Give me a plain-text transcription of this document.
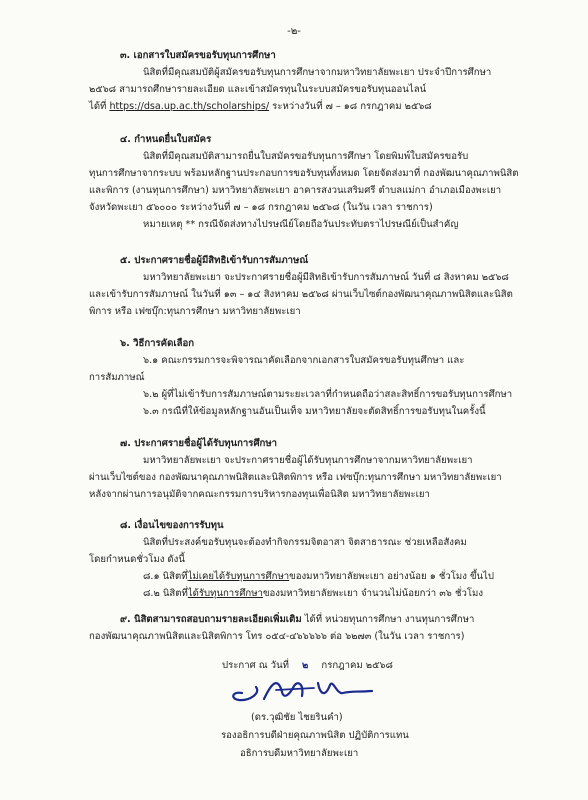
-๒-
๓. เอกสารใบสมัครขอรับทุนการศึกษา
นิสิตที่มีคุณสมบัติผู้สมัครขอรับทุนการศึกษาจากมหาวิทยาลัยพะเยา ประจำปีการศึกษา
๒๕๖๘ สามารถศึกษารายละเอียด และเข้าสมัครทุนในระบบสมัครขอรับทุนออนไลน์
ได้ที่ https://dsa.up.ac.th/scholarships/ ระหว่างวันที่ ๗ – ๑๘ กรกฎาคม ๒๕๖๘
๔. กำหนดยื่นใบสมัคร
นิสิตที่มีคุณสมบัติสามารถยื่นใบสมัครขอรับทุนการศึกษา โดยพิมพ์ใบสมัครขอรับ
ทุนการศึกษาจากระบบ พร้อมหลักฐานประกอบการขอรับทุนทั้งหมด โดยจัดส่งมาที่ กองพัฒนาคุณภาพนิสิต
และพิการ (งานทุนการศึกษา) มหาวิทยาลัยพะเยา อาคารสงวนเสริมศรี ตำบลแม่กา อำเภอเมืองพะเยา
จังหวัดพะเยา ๕๖๐๐๐ ระหว่างวันที่ ๗ – ๑๘ กรกฎาคม ๒๕๖๘ (ในวัน เวลา ราชการ)
หมายเหตุ ** กรณีจัดส่งทางไปรษณีย์โดยถือวันประทับตราไปรษณีย์เป็นสำคัญ
๕. ประกาศรายชื่อผู้มีสิทธิเข้ารับการสัมภาษณ์
มหาวิทยาลัยพะเยา จะประกาศรายชื่อผู้มีสิทธิเข้ารับการสัมภาษณ์ วันที่ ๘ สิงหาคม ๒๕๖๘
และเข้ารับการสัมภาษณ์ ในวันที่ ๑๓ – ๑๔ สิงหาคม ๒๕๖๘ ผ่านเว็บไซต์กองพัฒนาคุณภาพนิสิตและนิสิต
พิการ หรือ เฟซบุ๊ก:ทุนการศึกษา มหาวิทยาลัยพะเยา
๖. วิธีการคัดเลือก
๖.๑ คณะกรรมการจะพิจารณาคัดเลือกจากเอกสารใบสมัครขอรับทุนศึกษา และ
การสัมภาษณ์
๖.๒ ผู้ที่ไม่เข้ารับการสัมภาษณ์ตามระยะเวลาที่กำหนดถือว่าสละสิทธิ์การขอรับทุนการศึกษา
๖.๓ กรณีที่ให้ข้อมูลหลักฐานอันเป็นเท็จ มหาวิทยาลัยจะตัดสิทธิ์การขอรับทุนในครั้งนี้
๗. ประกาศรายชื่อผู้ได้รับทุนการศึกษา
มหาวิทยาลัยพะเยา จะประกาศรายชื่อผู้ได้รับทุนการศึกษาจากมหาวิทยาลัยพะเยา
ผ่านเว็บไซต์ของ กองพัฒนาคุณภาพนิสิตและนิสิตพิการ หรือ เฟซบุ๊ก:ทุนการศึกษา มหาวิทยาลัยพะเยา
หลังจากผ่านการอนุมัติจากคณะกรรมการบริหารกองทุนเพื่อนิสิต มหาวิทยาลัยพะเยา
๘. เงื่อนไขของการรับทุน
นิสิตที่ประสงค์ขอรับทุนจะต้องทำกิจกรรมจิตอาสา จิตสาธารณะ ช่วยเหลือสังคม
โดยกำหนดชั่วโมง ดังนี้
๘.๑ นิสิตที่ไม่เคยได้รับทุนการศึกษาของมหาวิทยาลัยพะเยา อย่างน้อย ๑ ชั่วโมง ขึ้นไป
๘.๒ นิสิตที่ได้รับทุนการศึกษาของมหาวิทยาลัยพะเยา จำนวนไม่น้อยกว่า ๓๖ ชั่วโมง
๙. นิสิตสามารถสอบถามรายละเอียดเพิ่มเติม ได้ที่ หน่วยทุนการศึกษา งานทุนการศึกษา
กองพัฒนาคุณภาพนิสิตและนิสิตพิการ โทร ๐๕๔-๔๖๖๖๖๖ ต่อ ๖๒๗๓ (ในวัน เวลา ราชการ)
ประกาศ ณ วันที่ ๒ กรกฎาคม ๒๕๖๘
(ดร.วุฒิชัย ไชยรินคำ)
รองอธิการบดีฝ่ายคุณภาพนิสิต ปฏิบัติการแทน
อธิการบดีมหาวิทยาลัยพะเยา
